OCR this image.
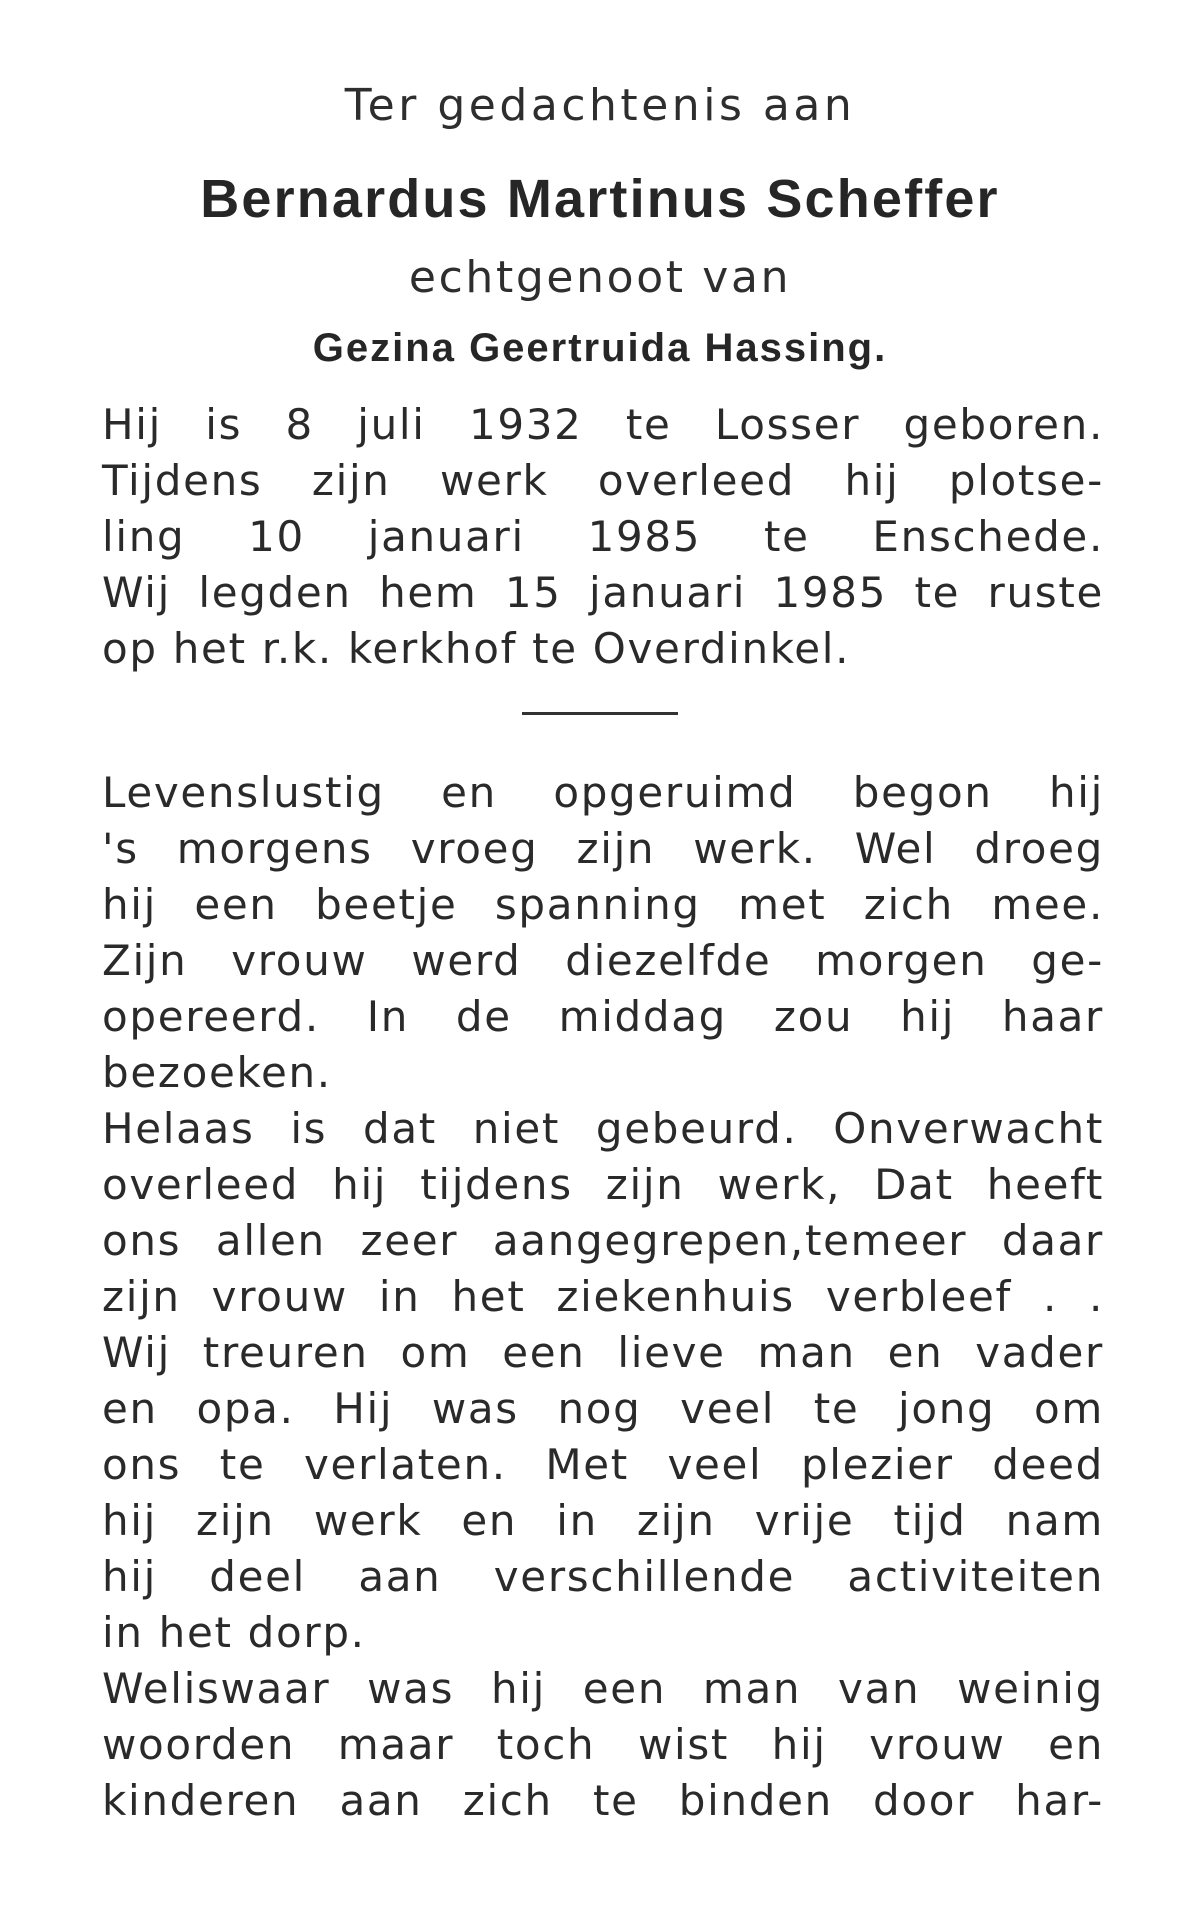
Ter gedachtenis aan

Bernardus Martinus Scheffer

echtgenoot van

Gezina Geertruida Hassing.

Hij is 8 juli 1932 te Losser geboren.

Tijdens zijn werk overleed hij plotse-

ling 10 januari 1985 te Enschede.

Wij legden hem 15 januari 1985 te ruste

op het r.k. kerkhof te Overdinkel.

Levenslustig en opgeruimd begon hij

's morgens vroeg zijn werk. Wel droeg

hij een beetje spanning met zich mee.

Zijn vrouw werd diezelfde morgen ge-

opereerd. In de middag zou hij haar

bezoeken.

Helaas is dat niet gebeurd. Onverwacht

overleed hij tijdens zijn werk, Dat heeft

ons allen zeer aangegrepen,temeer daar

zijn vrouw in het ziekenhuis verbleef . .

Wij treuren om een lieve man en vader

en opa. Hij was nog veel te jong om

ons te verlaten. Met veel plezier deed

hij zijn werk en in zijn vrije tijd nam

hij deel aan verschillende activiteiten

in het dorp.

Weliswaar was hij een man van weinig

woorden maar toch wist hij vrouw en

kinderen aan zich te binden door har-
